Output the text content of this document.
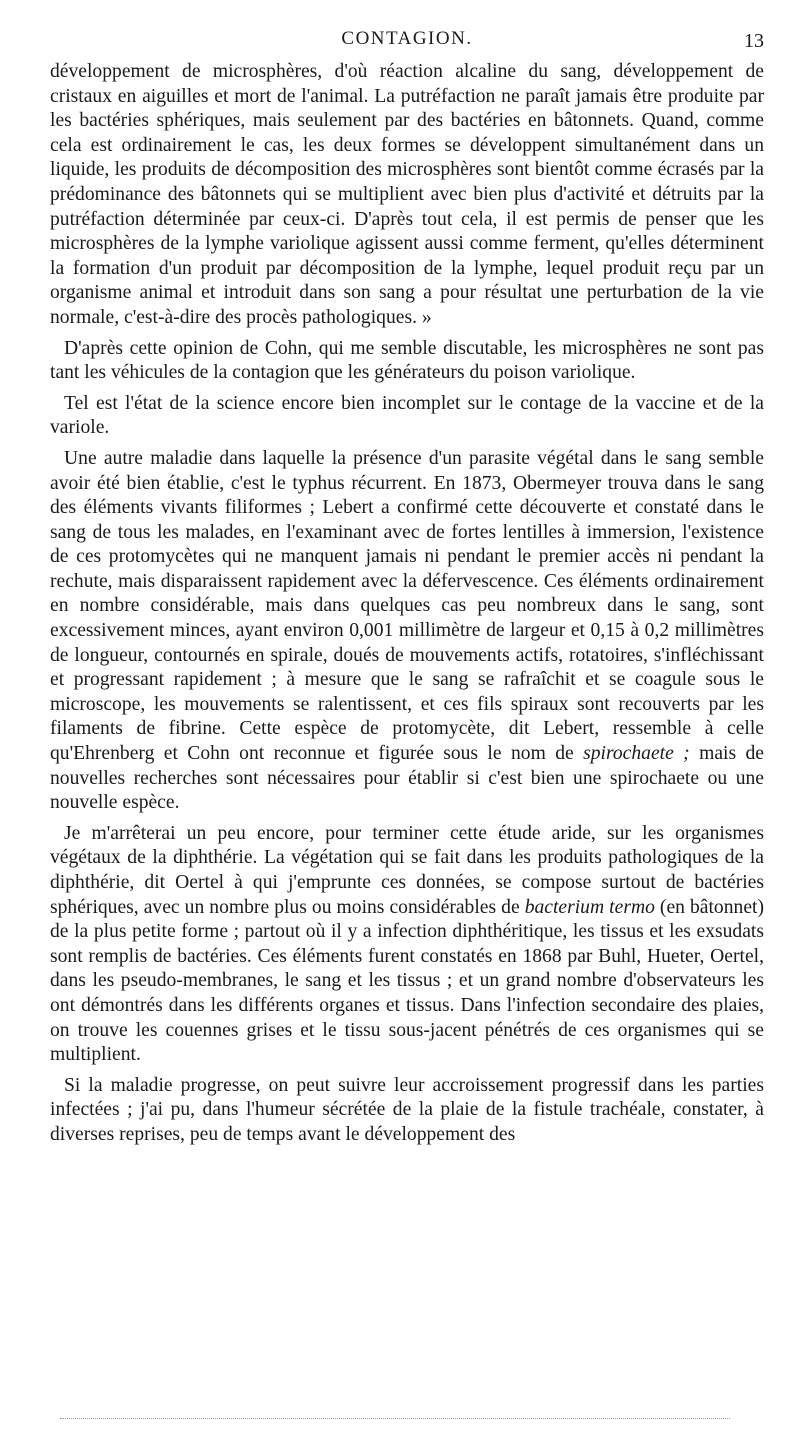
CONTAGION.	13

développement de microsphères, d'où réaction alcaline du sang, développement de cristaux en aiguilles et mort de l'animal. La putréfaction ne paraît jamais être produite par les bactéries sphériques, mais seulement par des bactéries en bâtonnets. Quand, comme cela est ordinairement le cas, les deux formes se développent simultanément dans un liquide, les produits de décomposition des microsphères sont bientôt comme écrasés par la prédominance des bâtonnets qui se multiplient avec bien plus d'activité et détruits par la putréfaction déterminée par ceux-ci. D'après tout cela, il est permis de penser que les microsphères de la lymphe variolique agissent aussi comme ferment, qu'elles déterminent la formation d'un produit par décomposition de la lymphe, lequel produit reçu par un organisme animal et introduit dans son sang a pour résultat une perturbation de la vie normale, c'est-à-dire des procès pathologiques. »

D'après cette opinion de Cohn, qui me semble discutable, les microsphères ne sont pas tant les véhicules de la contagion que les générateurs du poison variolique.

Tel est l'état de la science encore bien incomplet sur le contage de la vaccine et de la variole.

Une autre maladie dans laquelle la présence d'un parasite végétal dans le sang semble avoir été bien établie, c'est le typhus récurrent. En 1873, Obermeyer trouva dans le sang des éléments vivants filiformes ; Lebert a confirmé cette découverte et constaté dans le sang de tous les malades, en l'examinant avec de fortes lentilles à immersion, l'existence de ces protomycètes qui ne manquent jamais ni pendant le premier accès ni pendant la rechute, mais disparaissent rapidement avec la défervescence. Ces éléments ordinairement en nombre considérable, mais dans quelques cas peu nombreux dans le sang, sont excessivement minces, ayant environ 0,001 millimètre de largeur et 0,15 à 0,2 millimètres de longueur, contournés en spirale, doués de mouvements actifs, rotatoires, s'infléchissant et progressant rapidement ; à mesure que le sang se rafraîchit et se coagule sous le microscope, les mouvements se ralentissent, et ces fils spiraux sont recouverts par les filaments de fibrine. Cette espèce de protomycète, dit Lebert, ressemble à celle qu'Ehrenberg et Cohn ont reconnue et figurée sous le nom de spirochaete ; mais de nouvelles recherches sont nécessaires pour établir si c'est bien une spirochaete ou une nouvelle espèce.

Je m'arrêterai un peu encore, pour terminer cette étude aride, sur les organismes végétaux de la diphthérie. La végétation qui se fait dans les produits pathologiques de la diphthérie, dit Oertel à qui j'emprunte ces données, se compose surtout de bactéries sphériques, avec un nombre plus ou moins considérables de bacterium termo (en bâtonnet) de la plus petite forme ; partout où il y a infection diphthéritique, les tissus et les exsudats sont remplis de bactéries. Ces éléments furent constatés en 1868 par Buhl, Hueter, Oertel, dans les pseudo-membranes, le sang et les tissus ; et un grand nombre d'observateurs les ont démontrés dans les différents organes et tissus. Dans l'infection secondaire des plaies, on trouve les couennes grises et le tissu sous-jacent pénétrés de ces organismes qui se multiplient.

Si la maladie progresse, on peut suivre leur accroissement progressif dans les parties infectées ; j'ai pu, dans l'humeur sécrétée de la plaie de la fistule trachéale, constater, à diverses reprises, peu de temps avant le développement des
